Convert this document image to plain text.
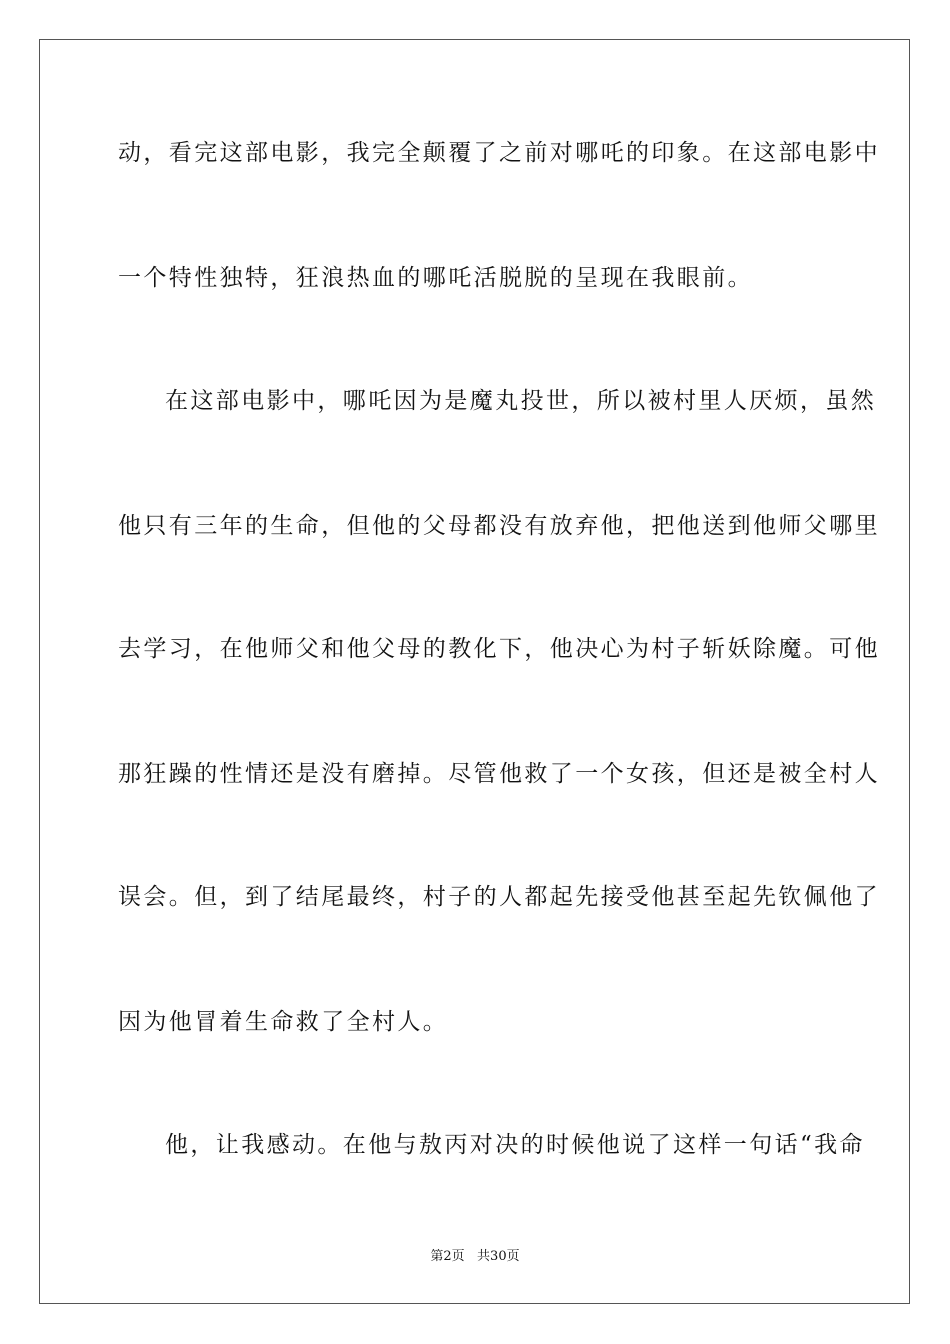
动，看完这部电影，我完全颠覆了之前对哪吒的印象。在这部电影中
一个特性独特，狂浪热血的哪吒活脱脱的呈现在我眼前。
在这部电影中，哪吒因为是魔丸投世，所以被村里人厌烦，虽然
他只有三年的生命，但他的父母都没有放弃他，把他送到他师父哪里
去学习，在他师父和他父母的教化下，他决心为村子斩妖除魔。可他
那狂躁的性情还是没有磨掉。尽管他救了一个女孩，但还是被全村人
误会。但，到了结尾最终，村子的人都起先接受他甚至起先钦佩他了
因为他冒着生命救了全村人。
他，让我感动。在他与敖丙对决的时候他说了这样一句话“我命
第2页   共30页
